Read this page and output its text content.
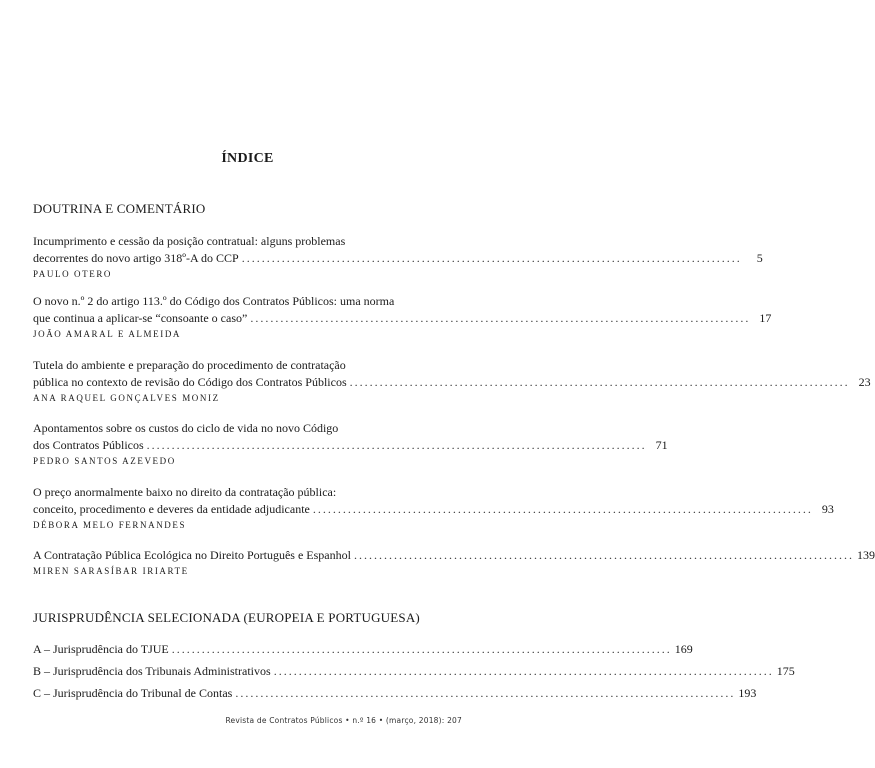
ÍNDICE
DOUTRINA E COMENTÁRIO
Incumprimento e cessão da posição contratual: alguns problemas
decorrentes do novo artigo 318º-A do CCP ....................................................................................................	5
PAULO OTERO
O novo n.º 2 do artigo 113.º do Código dos Contratos Públicos: uma norma
que continua a aplicar-se “consoante o caso” .................................................................................................... 17
JOÃO AMARAL E ALMEIDA
Tutela do ambiente e preparação do procedimento de contratação
pública no contexto de revisão do Código dos Contratos Públicos .................................................................................................... 23
ANA RAQUEL GONÇALVES MONIZ
Apontamentos sobre os custos do ciclo de vida no novo Código
dos Contratos Públicos .................................................................................................... 71
PEDRO SANTOS AZEVEDO
O preço anormalmente baixo no direito da contratação pública:
conceito, procedimento e deveres da entidade adjudicante .................................................................................................... 93
DÉBORA MELO FERNANDES
A Contratação Pública Ecológica no Direito Português e Espanhol .................................................................................................... 139
MIREN SARASÍBAR IRIARTE
JURISPRUDÊNCIA SELECIONADA (EUROPEIA E PORTUGUESA)
A – Jurisprudência do TJUE .................................................................................................... 169
B – Jurisprudência dos Tribunais Administrativos .................................................................................................... 175
C – Jurisprudência do Tribunal de Contas .................................................................................................... 193
Revista de Contratos Públicos • n.º 16 • (março, 2018): 207
